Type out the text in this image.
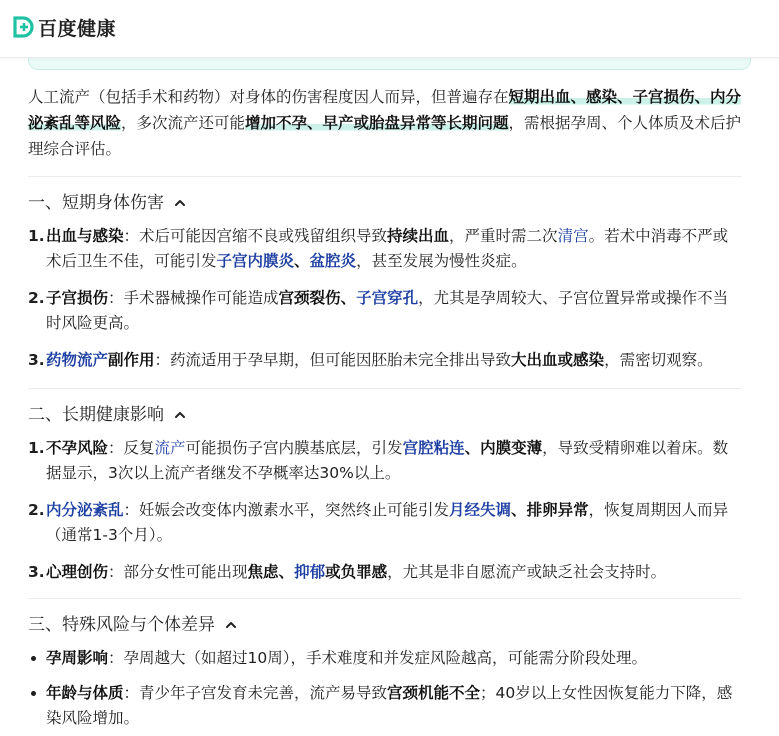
百度健康

人工流产（包括手术和药物）对身体的伤害程度因人而异，但普遍存在短期出血、感染、子宫损伤、内分泌紊乱等风险，多次流产还可能增加不孕、早产或胎盘异常等长期问题，需根据孕周、个人体质及术后护理综合评估。

一、短期身体伤害
1. 出血与感染：术后可能因宫缩不良或残留组织导致持续出血，严重时需二次清宫。若术中消毒不严或术后卫生不佳，可能引发子宫内膜炎、盆腔炎，甚至发展为慢性炎症。
2. 子宫损伤：手术器械操作可能造成宫颈裂伤、子宫穿孔，尤其是孕周较大、子宫位置异常或操作不当时风险更高。
3. 药物流产副作用：药流适用于孕早期，但可能因胚胎未完全排出导致大出血或感染，需密切观察。
二、长期健康影响
1. 不孕风险：反复流产可能损伤子宫内膜基底层，引发宫腔粘连、内膜变薄，导致受精卵难以着床。数据显示，3次以上流产者继发不孕概率达30%以上。
2. 内分泌紊乱：妊娠会改变体内激素水平，突然终止可能引发月经失调、排卵异常，恢复周期因人而异（通常1-3个月）。
3. 心理创伤：部分女性可能出现焦虑、抑郁或负罪感，尤其是非自愿流产或缺乏社会支持时。
三、特殊风险与个体差异
孕周影响：孕周越大（如超过10周），手术难度和并发症风险越高，可能需分阶段处理。
年龄与体质：青少年子宫发育未完善，流产易导致宫颈机能不全；40岁以上女性因恢复能力下降，感染风险增加。
